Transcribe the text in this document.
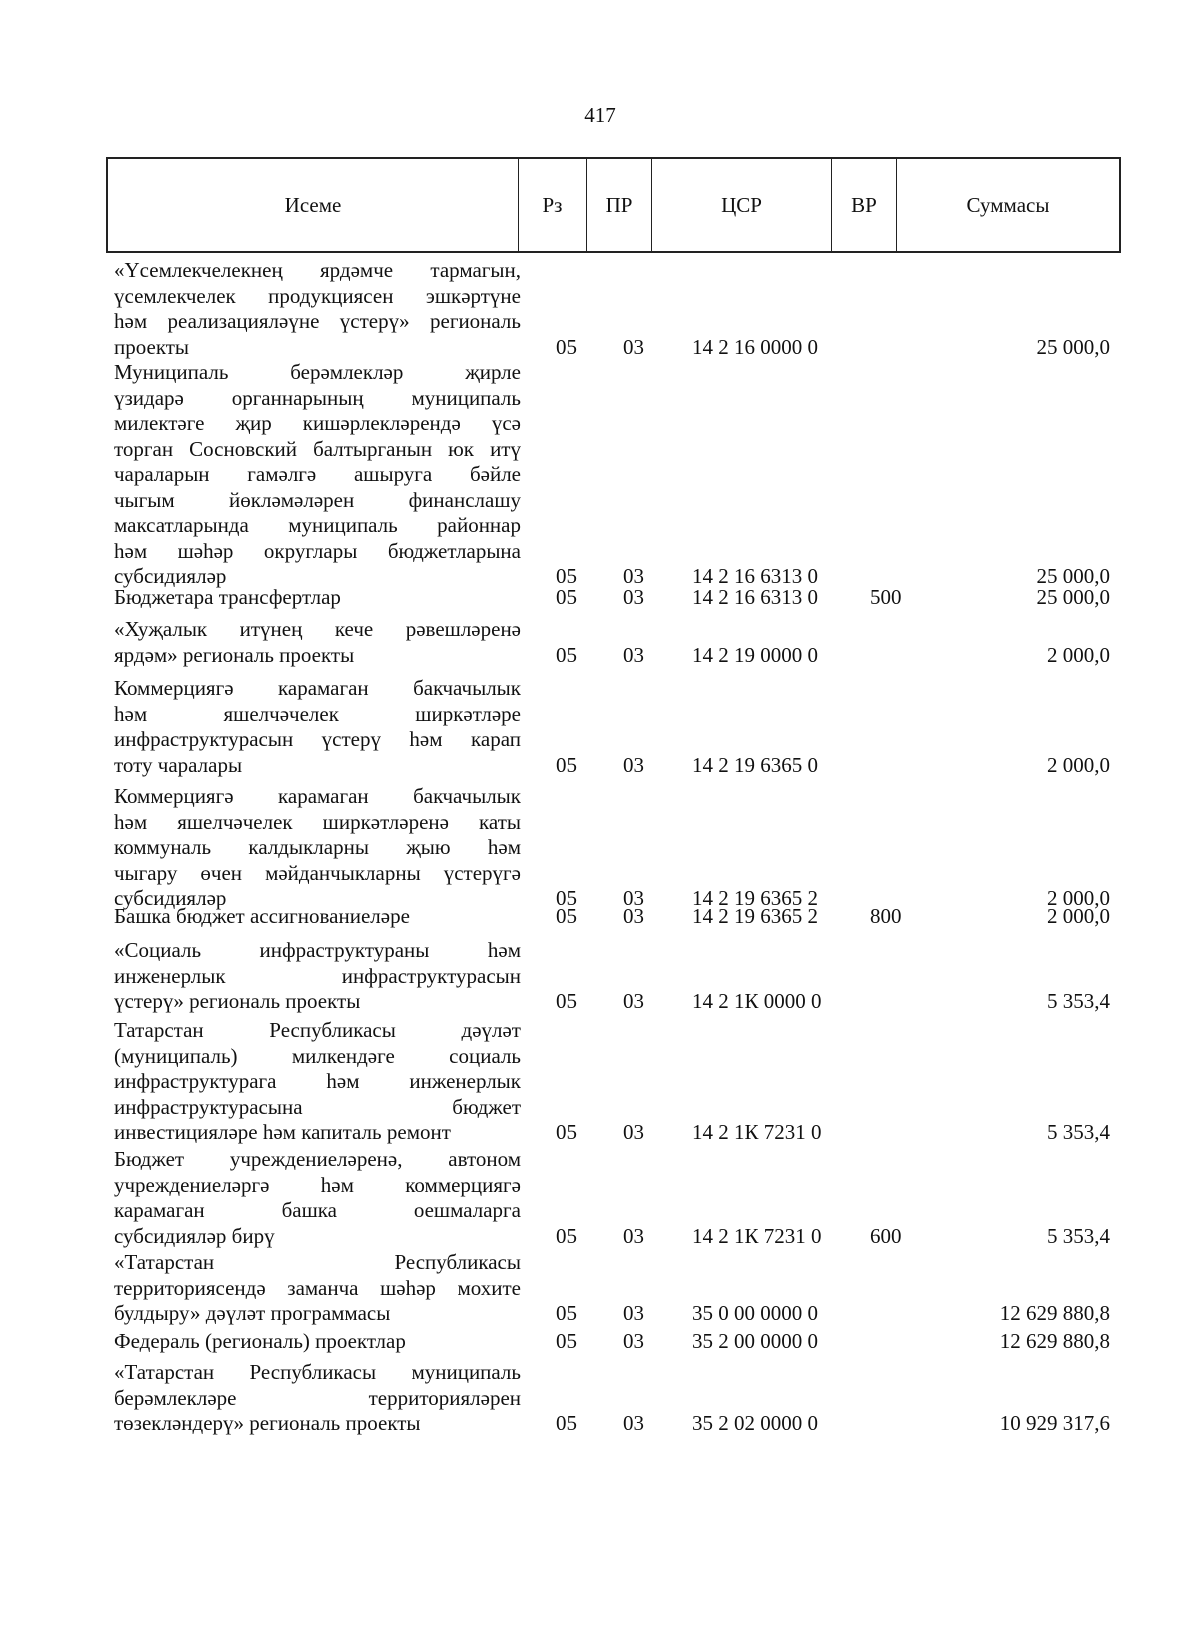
417
Исеме	Рз	ПР	ЦСР	ВР	Суммасы
«Үсемлекчелекнең ярдәмче тармагын,
үсемлекчелек продукциясен эшкәртүне
һәм реализацияләүне үстерү» региональ
проекты	05	03	14 2 16 0000 0	25 000,0
Муниципаль берәмлекләр җирле
үзидарә органнарының муниципаль
милектәге җир кишәрлекләрендә үсә
торган Сосновский балтырганын юк итү
чараларын гамәлгә ашыруга бәйле
чыгым йөкләмәләрен финанслашу
максатларында муниципаль районнар
һәм шәһәр округлары бюджетларына
субсидияләр	05	03	14 2 16 6313 0	25 000,0
Бюджетара трансфертлар	05	03	14 2 16 6313 0	500	25 000,0
«Хуҗалык итүнең кече рәвешләренә
ярдәм» региональ проекты	05	03	14 2 19 0000 0	2 000,0
Коммерциягә карамаган бакчачылык
һәм яшелчәчелек ширкәтләре
инфраструктурасын үстерү һәм карап
тоту чаралары	05	03	14 2 19 6365 0	2 000,0
Коммерциягә карамаган бакчачылык
һәм яшелчәчелек ширкәтләренә каты
коммуналь калдыкларны җыю һәм
чыгару өчен мәйданчыкларны үстерүгә
субсидияләр	05	03	14 2 19 6365 2	2 000,0
Башка бюджет ассигнованиеләре	05	03	14 2 19 6365 2	800	2 000,0
«Социаль инфраструктураны һәм
инженерлык инфраструктурасын
үстерү» региональ проекты	05	03	14 2 1К 0000 0	5 353,4
Татарстан Республикасы дәүләт
(муниципаль) милкендәге социаль
инфраструктурага һәм инженерлык
инфраструктурасына бюджет
инвестицияләре һәм капиталь ремонт	05	03	14 2 1К 7231 0	5 353,4
Бюджет учреждениеләренә, автоном
учреждениеләргә һәм коммерциягә
карамаган башка оешмаларга
субсидияләр бирү	05	03	14 2 1К 7231 0	600	5 353,4
«Татарстан Республикасы
территориясендә заманча шәһәр мохите
булдыру» дәүләт программасы	05	03	35 0 00 0000 0	12 629 880,8
Федераль (региональ) проектлар	05	03	35 2 00 0000 0	12 629 880,8
«Татарстан Республикасы муниципаль
берәмлекләре территорияләрен
төзекләндерү» региональ проекты	05	03	35 2 02 0000 0	10 929 317,6
